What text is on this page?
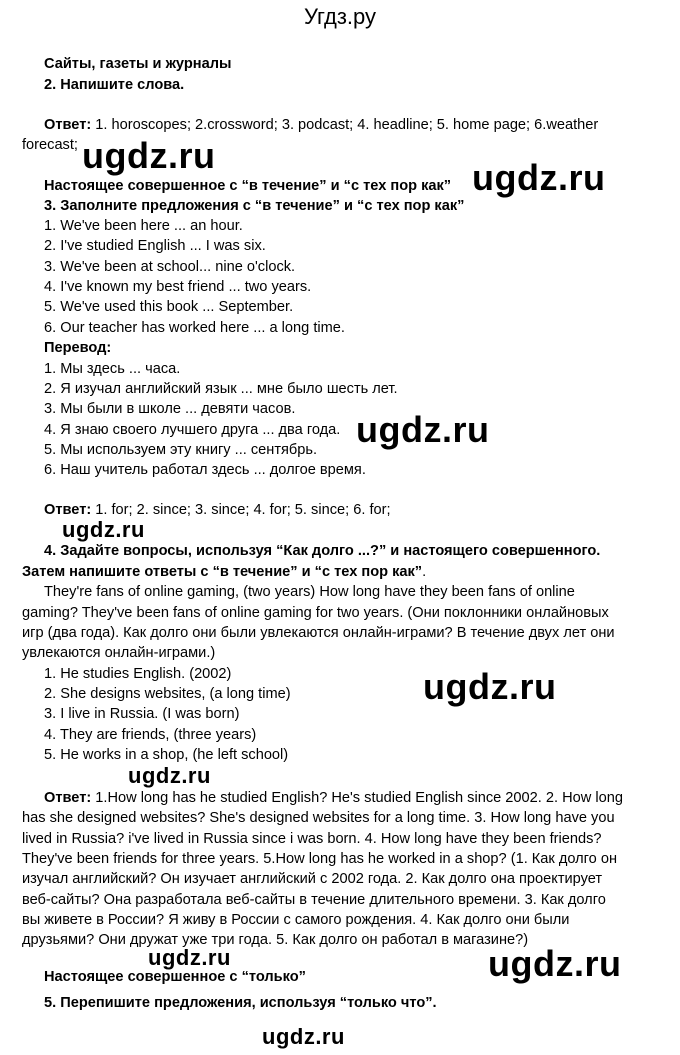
Угдз.ру
Сайты, газеты и журналы
2. Напишите слова.
Ответ: 1. horoscopes; 2.crossword; 3. podcast; 4. headline; 5. home page; 6.weather
forecast;
Настоящее совершенное с “в течение” и “с тех пор как”
3. Заполните предложения с “в течение” и “с тех пор как”
1. We've been here ... an hour.
2. I've studied English ... I was six.
3. We've been at school... nine o'clock.
4. I've known my best friend ... two years.
5. We've used this book ... September.
6. Our teacher has worked here ... a long time.
Перевод:
1. Мы здесь ... часа.
2. Я изучал английский язык ... мне было шесть лет.
3. Мы были в школе ... девяти часов.
4. Я знаю своего лучшего друга ... два года.
5. Мы используем эту книгу ... сентябрь.
6. Наш учитель работал здесь ... долгое время.
Ответ: 1. for; 2. since; 3. since; 4. for; 5. since; 6. for;
4. Задайте вопросы, используя “Как долго ...?” и настоящего совершенного.
Затем напишите ответы с “в течение” и “с тех пор как”.
They're fans of online gaming, (two years) How long have they been fans of online
gaming? They've been fans of online gaming for two years. (Они поклонники онлайновых
игр (два года). Как долго они были увлекаются онлайн-играми? В течение двух лет они
увлекаются онлайн-играми.)
1. He studies English. (2002)
2. She designs websites, (a long time)
3. I live in Russia. (I was born)
4. They are friends, (three years)
5. He works in a shop, (he left school)
Ответ: 1.How long has he studied English? He's studied English since 2002. 2. How long
has she designed websites? She's designed websites for a long time. 3. How long have you
lived in Russia? i've lived in Russia since i was born. 4. How long have they been friends?
They've been friends for three years. 5.How long has he worked in a shop? (1. Как долго он
изучал английский? Он изучает английский с 2002 года. 2. Как долго она проектирует
веб-сайты? Она разработала веб-сайты в течение длительного времени. 3. Как долго
вы живете в России? Я живу в России с самого рождения. 4. Как долго они были
друзьями? Они дружат уже три года. 5. Как долго он работал в магазине?)
Настоящее совершенное с “только”
5. Перепишите предложения, используя “только что”.
ugdz.ru
ugdz.ru
ugdz.ru
ugdz.ru
ugdz.ru
ugdz.ru
ugdz.ru	ugdz.ru
ugdz.ru
